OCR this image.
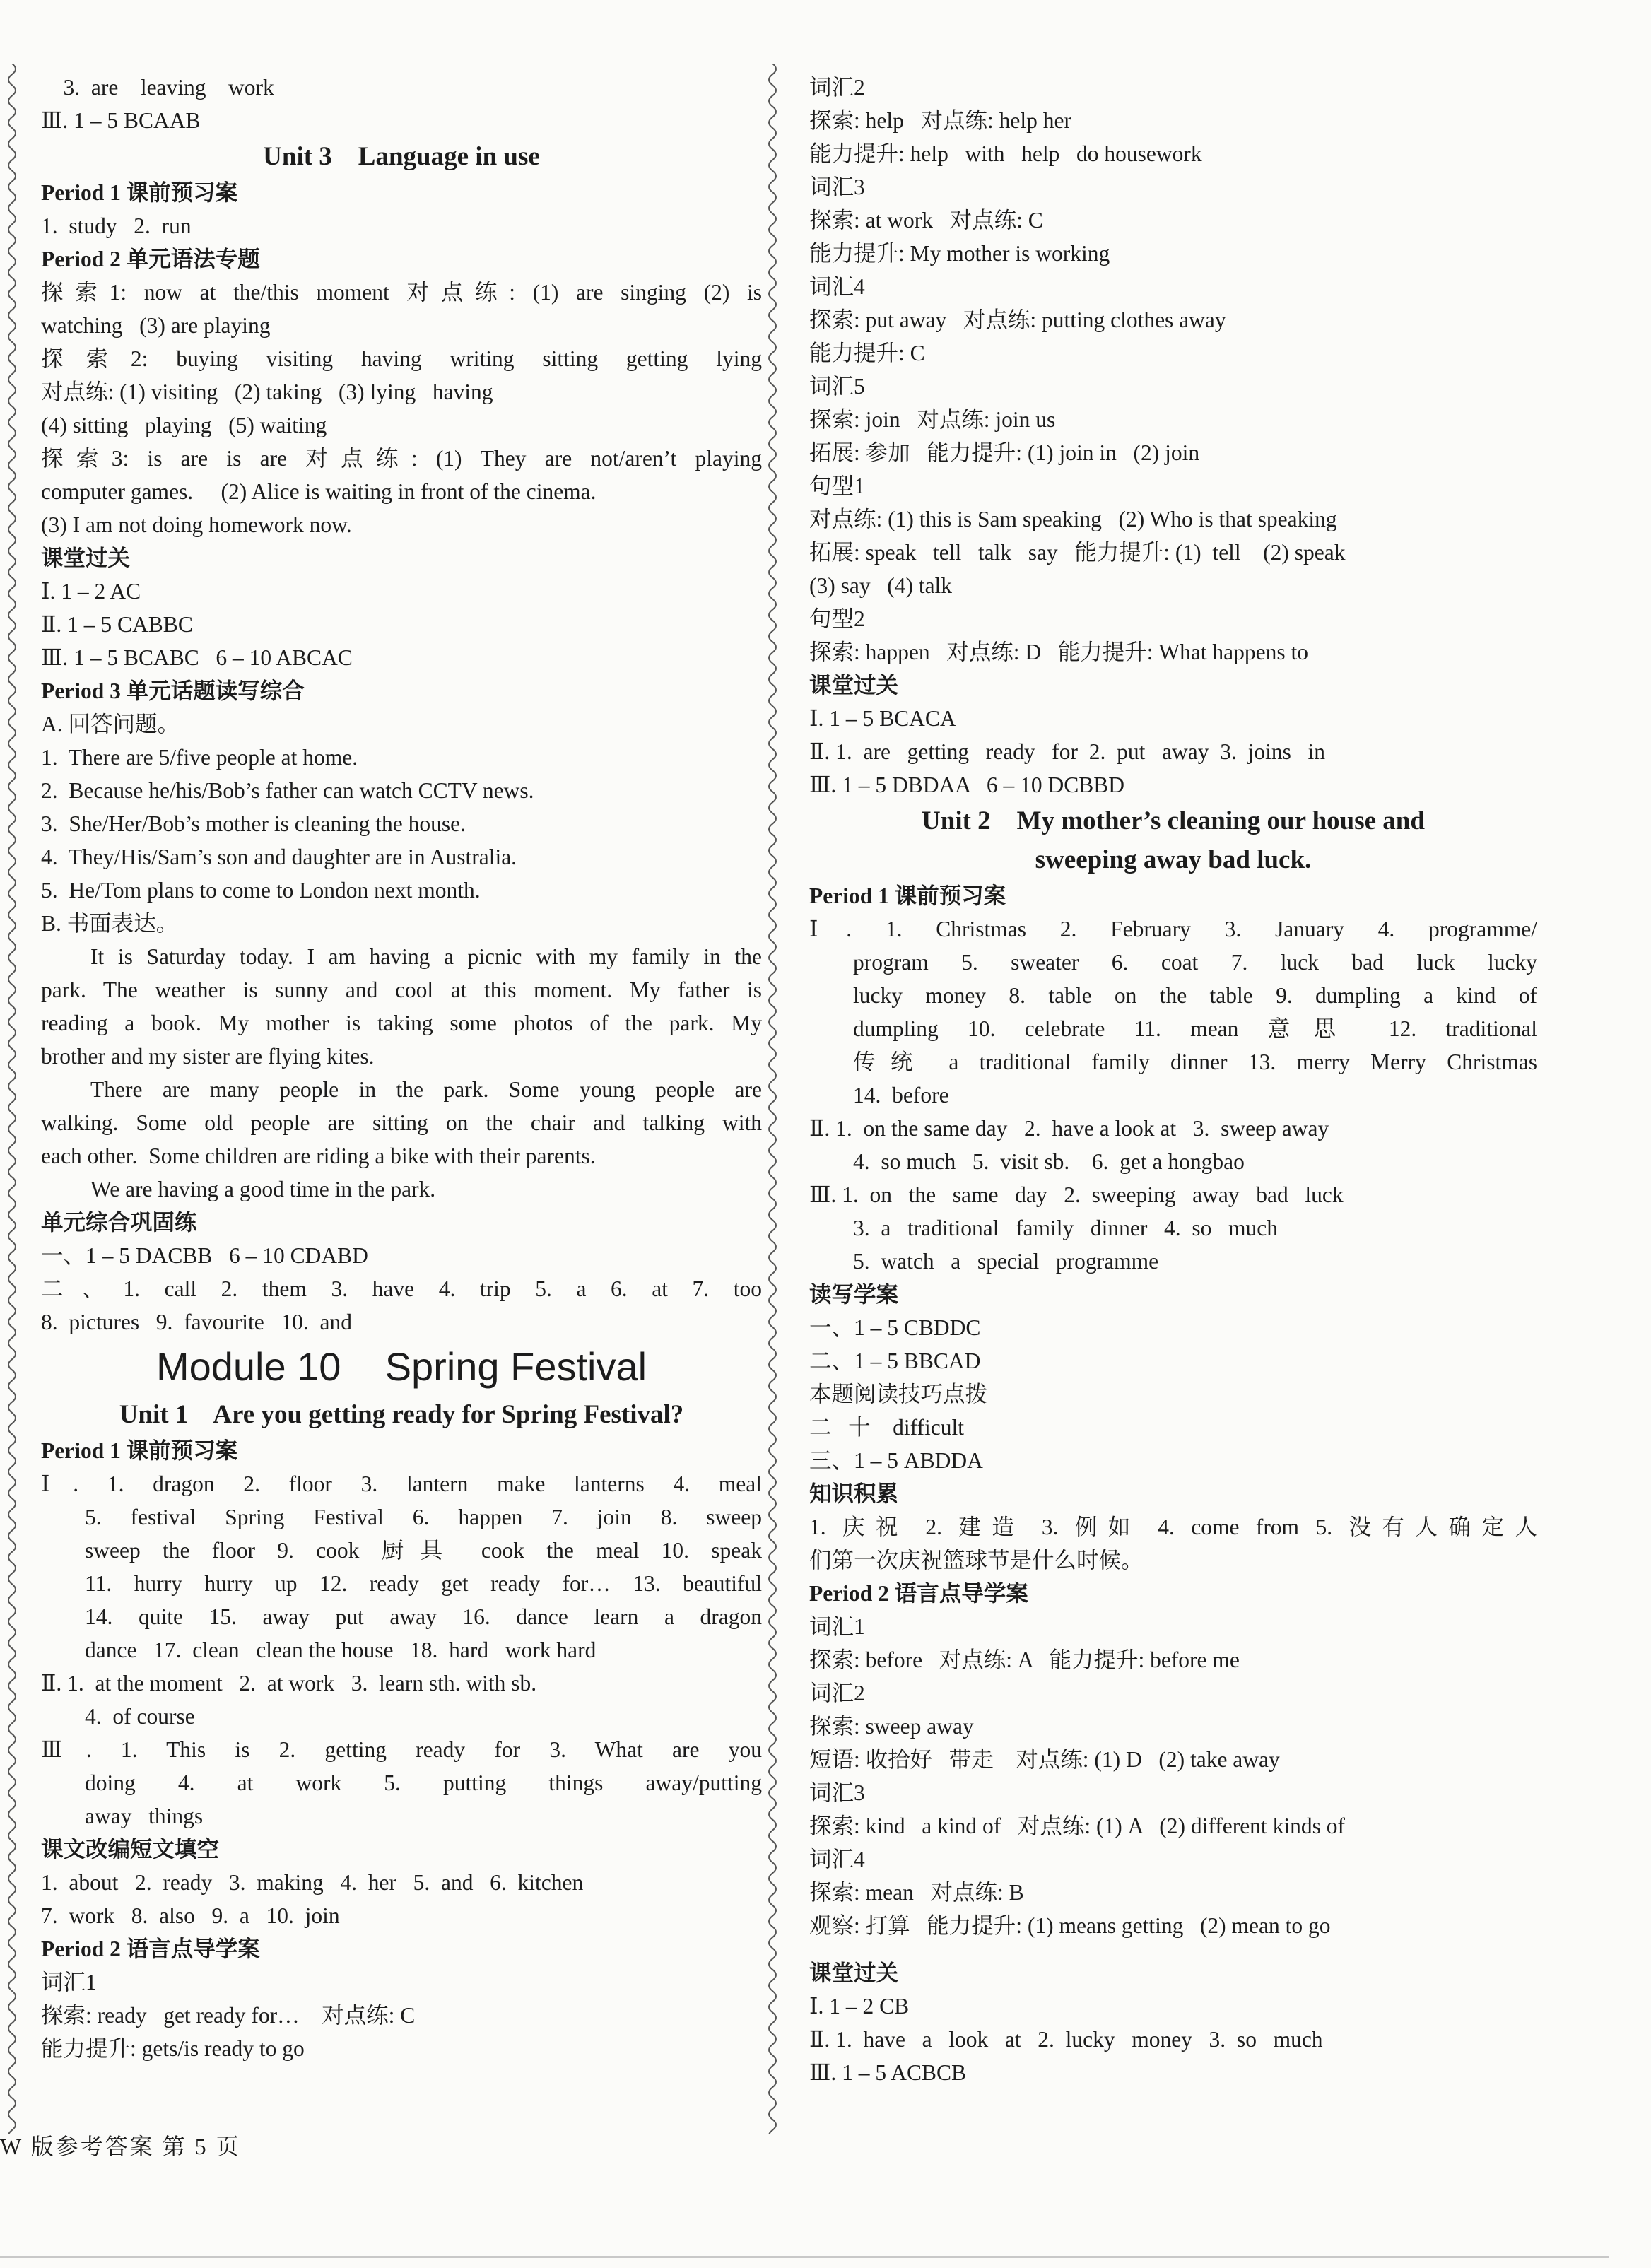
3.  are    leaving    work
Ⅲ. 1 – 5 BCAAB
Unit 3    Language in use
Period 1 课前预习案
1.  study   2.  run
Period 2 单元语法专题
探索1: now at the/this moment 对点练: (1) are singing (2) is
watching   (3) are playing
探索2: buying visiting having writing sitting getting lying
对点练: (1) visiting   (2) taking   (3) lying   having
(4) sitting   playing   (5) waiting
探索3: is are is are 对点练: (1) They are not/aren’t playing
computer games.     (2) Alice is waiting in front of the cinema.
(3) I am not doing homework now.
课堂过关
Ⅰ. 1 – 2 AC
Ⅱ. 1 – 5 CABBC
Ⅲ. 1 – 5 BCABC   6 – 10 ABCAC
Period 3 单元话题读写综合
A. 回答问题。
1.  There are 5/five people at home.
2.  Because he/his/Bob’s father can watch CCTV news.
3.  She/Her/Bob’s mother is cleaning the house.
4.  They/His/Sam’s son and daughter are in Australia.
5.  He/Tom plans to come to London next month.
B. 书面表达。
It is Saturday today. I am having a picnic with my family in the
park. The weather is sunny and cool at this moment. My father is
reading a book. My mother is taking some photos of the park. My
brother and my sister are flying kites.
There are many people in the park. Some young people are
walking. Some old people are sitting on the chair and talking with
each other.  Some children are riding a bike with their parents.
We are having a good time in the park.
单元综合巩固练
一、1 – 5 DACBB   6 – 10 CDABD
二、1. call 2. them 3. have 4. trip 5. a 6. at 7. too
8.  pictures   9.  favourite   10.  and
Module 10    Spring Festival
Unit 1    Are you getting ready for Spring Festival?
Period 1 课前预习案
Ⅰ. 1. dragon 2. floor 3. lantern make lanterns 4. meal
5. festival Spring Festival 6. happen 7. join 8. sweep
sweep the floor 9. cook 厨具 cook the meal 10. speak
11. hurry hurry up 12. ready get ready for… 13. beautiful
14. quite 15. away put away 16. dance learn a dragon
dance   17.  clean   clean the house   18.  hard   work hard
Ⅱ. 1.  at the moment   2.  at work   3.  learn sth. with sb.
4.  of course
Ⅲ. 1. This is 2. getting ready for 3. What are you
doing 4. at work 5. putting things away/putting
away   things
课文改编短文填空
1.  about   2.  ready   3.  making   4.  her   5.  and   6.  kitchen
7.  work   8.  also   9.  a   10.  join
Period 2 语言点导学案
词汇1
探索: ready   get ready for…    对点练: C
能力提升: gets/is ready to go
词汇2
探索: help   对点练: help her
能力提升: help   with   help   do housework
词汇3
探索: at work   对点练: C
能力提升: My mother is working
词汇4
探索: put away   对点练: putting clothes away
能力提升: C
词汇5
探索: join   对点练: join us
拓展: 参加   能力提升: (1) join in   (2) join
句型1
对点练: (1) this is Sam speaking   (2) Who is that speaking
拓展: speak   tell   talk   say   能力提升: (1)  tell    (2) speak
(3) say   (4) talk
句型2
探索: happen   对点练: D   能力提升: What happens to
课堂过关
Ⅰ. 1 – 5 BCACA
Ⅱ. 1.  are   getting   ready   for  2.  put   away  3.  joins   in
Ⅲ. 1 – 5 DBDAA   6 – 10 DCBBD
Unit 2    My mother’s cleaning our house and
sweeping away bad luck.
Period 1 课前预习案
Ⅰ. 1. Christmas 2. February 3. January 4. programme/
program 5. sweater 6. coat 7. luck bad luck lucky
lucky money 8. table on the table 9. dumpling a kind of
dumpling 10. celebrate 11. mean 意思 12. traditional
传统 a traditional family dinner 13. merry Merry Christmas
14.  before
Ⅱ. 1.  on the same day   2.  have a look at   3.  sweep away
4.  so much   5.  visit sb.    6.  get a hongbao
Ⅲ. 1.  on   the   same   day   2.  sweeping   away   bad   luck
3.  a   traditional   family   dinner   4.  so   much
5.  watch   a   special   programme
读写学案
一、1 – 5 CBDDC
二、1 – 5 BBCAD
本题阅读技巧点拨
二   十    difficult
三、1 – 5 ABDDA
知识积累
1. 庆祝 2. 建造 3. 例如 4. come from 5. 没有人确定人
们第一次庆祝篮球节是什么时候。
Period 2 语言点导学案
词汇1
探索: before   对点练: A   能力提升: before me
词汇2
探索: sweep away
短语: 收拾好   带走    对点练: (1) D   (2) take away
词汇3
探索: kind   a kind of   对点练: (1) A   (2) different kinds of
词汇4
探索: mean   对点练: B
观察: 打算   能力提升: (1) means getting   (2) mean to go
课堂过关
Ⅰ. 1 – 2 CB
Ⅱ. 1.  have   a   look   at   2.  lucky   money   3.  so   much
Ⅲ. 1 – 5 ACBCB
W 版参考答案 第 5 页
